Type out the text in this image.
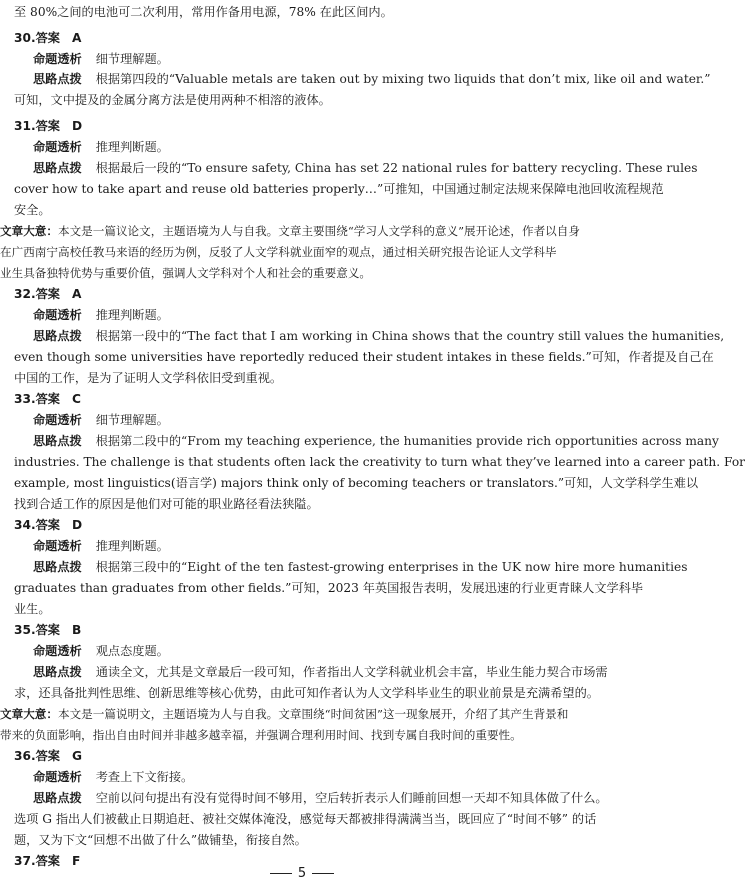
至 80%之间的电池可二次利用，常用作备用电源，78% 在此区间内。
30.答案 A
命题透析 细节理解题。
思路点拨 根据第四段的“Valuable metals are taken out by mixing two liquids that don’t mix, like oil and water.”
可知，文中提及的金属分离方法是使用两种不相溶的液体。
31.答案 D
命题透析 推理判断题。
思路点拨 根据最后一段的“To ensure safety, China has set 22 national rules for battery recycling. These rules
cover how to take apart and reuse old batteries properly…”可推知，中国通过制定法规来保障电池回收流程规范
安全。
文章大意：本文是一篇议论文，主题语境为人与自我。文章主要围绕“学习人文学科的意义”展开论述，作者以自身
在广西南宁高校任教马来语的经历为例，反驳了人文学科就业面窄的观点，通过相关研究报告论证人文学科毕
业生具备独特优势与重要价值，强调人文学科对个人和社会的重要意义。
32.答案 A
命题透析 推理判断题。
思路点拨 根据第一段中的“The fact that I am working in China shows that the country still values the humanities,
even though some universities have reportedly reduced their student intakes in these fields.”可知，作者提及自己在
中国的工作，是为了证明人文学科依旧受到重视。
33.答案 C
命题透析 细节理解题。
思路点拨 根据第二段中的“From my teaching experience, the humanities provide rich opportunities across many
industries. The challenge is that students often lack the creativity to turn what they’ve learned into a career path. For
example, most linguistics(语言学) majors think only of becoming teachers or translators.”可知，人文学科学生难以
找到合适工作的原因是他们对可能的职业路径看法狭隘。
34.答案 D
命题透析 推理判断题。
思路点拨 根据第三段中的“Eight of the ten fastest-growing enterprises in the UK now hire more humanities
graduates than graduates from other fields.”可知，2023 年英国报告表明，发展迅速的行业更青睐人文学科毕
业生。
35.答案 B
命题透析 观点态度题。
思路点拨 通读全文，尤其是文章最后一段可知，作者指出人文学科就业机会丰富，毕业生能力契合市场需
求，还具备批判性思维、创新思维等核心优势，由此可知作者认为人文学科毕业生的职业前景是充满希望的。
文章大意：本文是一篇说明文，主题语境为人与自我。文章围绕“时间贫困”这一现象展开，介绍了其产生背景和
带来的负面影响，指出自由时间并非越多越幸福，并强调合理利用时间、找到专属自我时间的重要性。
36.答案 G
命题透析 考查上下文衔接。
思路点拨 空前以问句提出有没有觉得时间不够用，空后转折表示人们睡前回想一天却不知具体做了什么。
选项 G 指出人们被截止日期追赶、被社交媒体淹没，感觉每天都被排得满满当当，既回应了“时间不够” 的话
题，又为下文“回想不出做了什么”做铺垫，衔接自然。
37.答案 F
5
